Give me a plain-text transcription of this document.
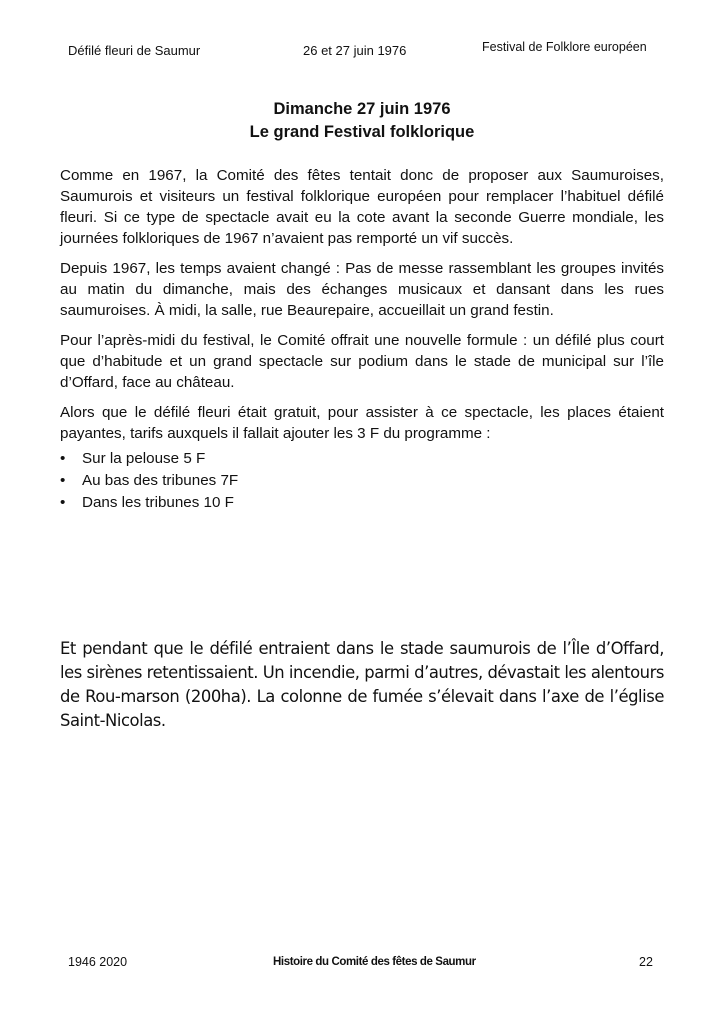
Défilé fleuri de Saumur	26 et 27 juin 1976	Festival de Folklore européen
Dimanche 27 juin 1976
Le grand Festival folklorique

Comme en 1967, la Comité des fêtes tentait donc de proposer aux Saumuroises, Saumurois et visiteurs un festival folklorique européen pour remplacer l’habituel défilé fleuri. Si ce type de spectacle avait eu la cote avant la seconde Guerre mondiale, les journées folkloriques de 1967 n’avaient pas remporté un vif succès.

Depuis 1967, les temps avaient changé : Pas de messe rassemblant les groupes invités au matin du dimanche, mais des échanges musicaux et dansant dans les rues saumuroises. À midi, la salle, rue Beaurepaire, accueillait un grand festin.

Pour l’après-midi du festival, le Comité offrait une nouvelle formule : un défilé plus court que d’habitude et un grand spectacle sur podium dans le stade de municipal sur l’île d’Offard, face au château.

Alors que le défilé fleuri était gratuit, pour assister à ce spectacle, les places étaient payantes, tarifs auxquels il fallait ajouter les 3 F du programme :

• Sur la pelouse 5 F
• Au bas des tribunes 7F
• Dans les tribunes 10 F

Et pendant que le défilé entraient dans le stade saumurois de l’Île d’Offard, les sirènes retentissaient. Un incendie, parmi d’autres, dévastait les alentours de Rou-marson (200ha). La colonne de fumée s’élevait dans l’axe de l’église Saint-Nicolas.

1946 2020	Histoire du Comité des fêtes de Saumur	22
